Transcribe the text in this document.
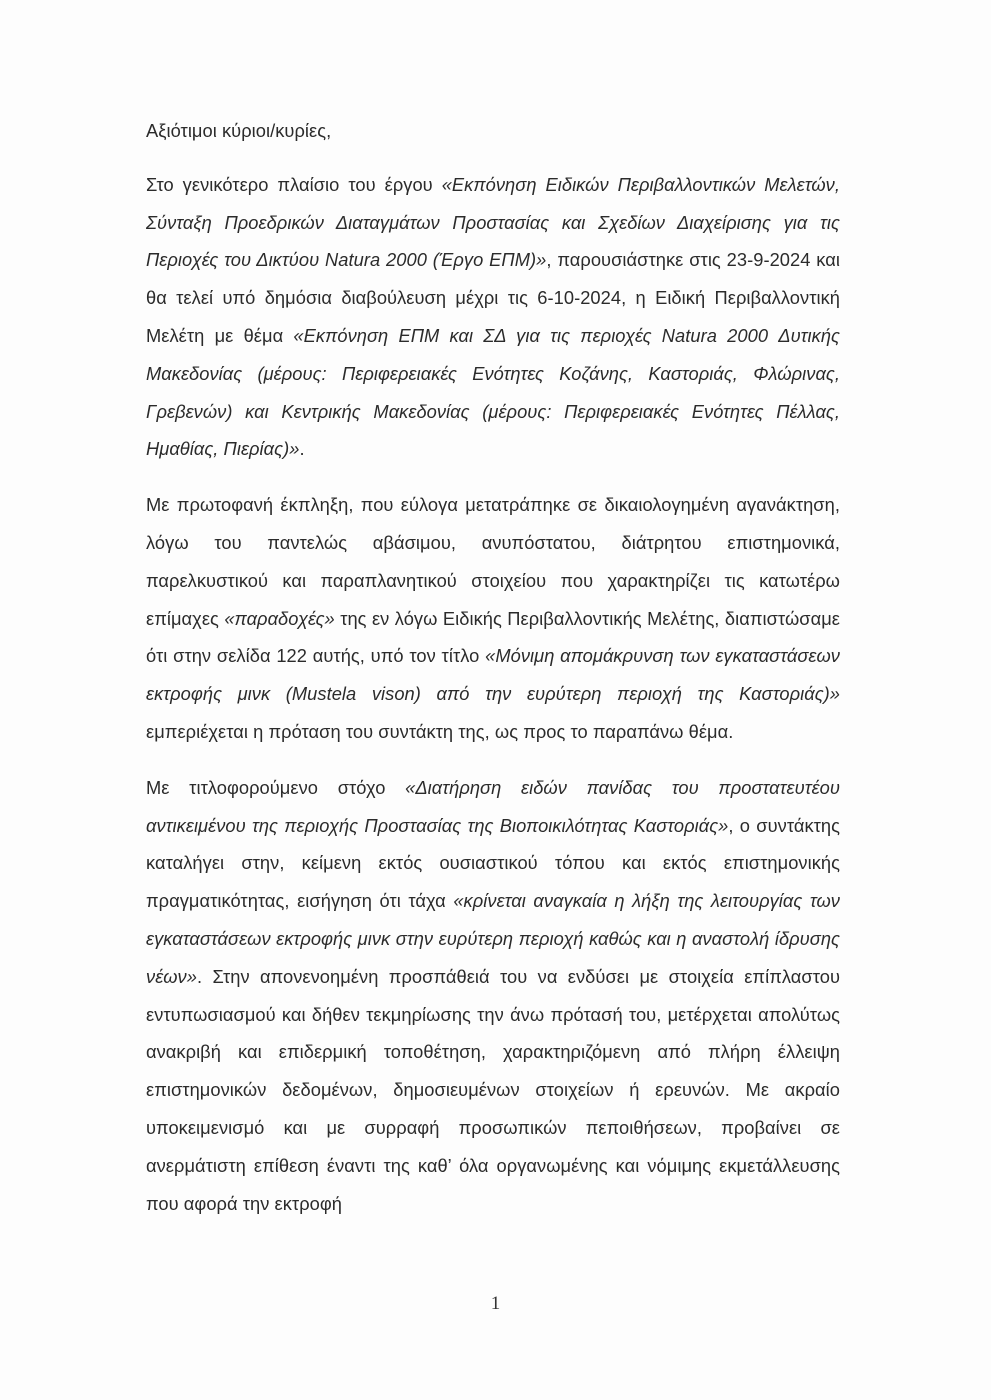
Αξιότιμοι κύριοι/κυρίες,

Στο γενικότερο πλαίσιο του έργου «Εκπόνηση Ειδικών Περιβαλλοντικών Μελετών, Σύνταξη Προεδρικών Διαταγμάτων Προστασίας και Σχεδίων Διαχείρισης για τις Περιοχές του Δικτύου Natura 2000 (Έργο ΕΠΜ)», παρουσιάστηκε στις 23-9-2024 και θα τελεί υπό δημόσια διαβούλευση μέχρι τις 6-10-2024, η Ειδική Περιβαλλοντική Μελέτη με θέμα «Εκπόνηση ΕΠΜ και ΣΔ για τις περιοχές Natura 2000 Δυτικής Μακεδονίας (μέρους: Περιφερειακές Ενότητες Κοζάνης, Καστοριάς, Φλώρινας, Γρεβενών) και Κεντρικής Μακεδονίας (μέρους: Περιφερειακές Ενότητες Πέλλας, Ημαθίας, Πιερίας)».

Με πρωτοφανή έκπληξη, που εύλογα μετατράπηκε σε δικαιολογημένη αγανάκτηση, λόγω του παντελώς αβάσιμου, ανυπόστατου, διάτρητου επιστημονικά, παρελκυστικού και παραπλανητικού στοιχείου που χαρακτηρίζει τις κατωτέρω επίμαχες «παραδοχές» της εν λόγω Ειδικής Περιβαλλοντικής Μελέτης, διαπιστώσαμε ότι στην σελίδα 122 αυτής, υπό τον τίτλο «Μόνιμη απομάκρυνση των εγκαταστάσεων εκτροφής μινκ (Mustela vison) από την ευρύτερη περιοχή της Καστοριάς)» εμπεριέχεται η πρόταση του συντάκτη της, ως προς το παραπάνω θέμα.

Με τιτλοφορούμενο στόχο «Διατήρηση ειδών πανίδας του προστατευτέου αντικειμένου της περιοχής Προστασίας της Βιοποικιλότητας Καστοριάς», ο συντάκτης καταλήγει στην, κείμενη εκτός ουσιαστικού τόπου και εκτός επιστημονικής πραγματικότητας, εισήγηση ότι τάχα «κρίνεται αναγκαία η λήξη της λειτουργίας των εγκαταστάσεων εκτροφής μινκ στην ευρύτερη περιοχή καθώς και η αναστολή ίδρυσης νέων». Στην απονενοημένη προσπάθειά του να ενδύσει με στοιχεία επίπλαστου εντυπωσιασμού και δήθεν τεκμηρίωσης την άνω πρότασή του, μετέρχεται απολύτως ανακριβή και επιδερμική τοποθέτηση, χαρακτηριζόμενη από πλήρη έλλειψη επιστημονικών δεδομένων, δημοσιευμένων στοιχείων ή ερευνών. Με ακραίο υποκειμενισμό και με συρραφή προσωπικών πεποιθήσεων, προβαίνει σε ανερμάτιστη επίθεση έναντι της καθ’ όλα οργανωμένης και νόμιμης εκμετάλλευσης που αφορά την εκτροφή

1
